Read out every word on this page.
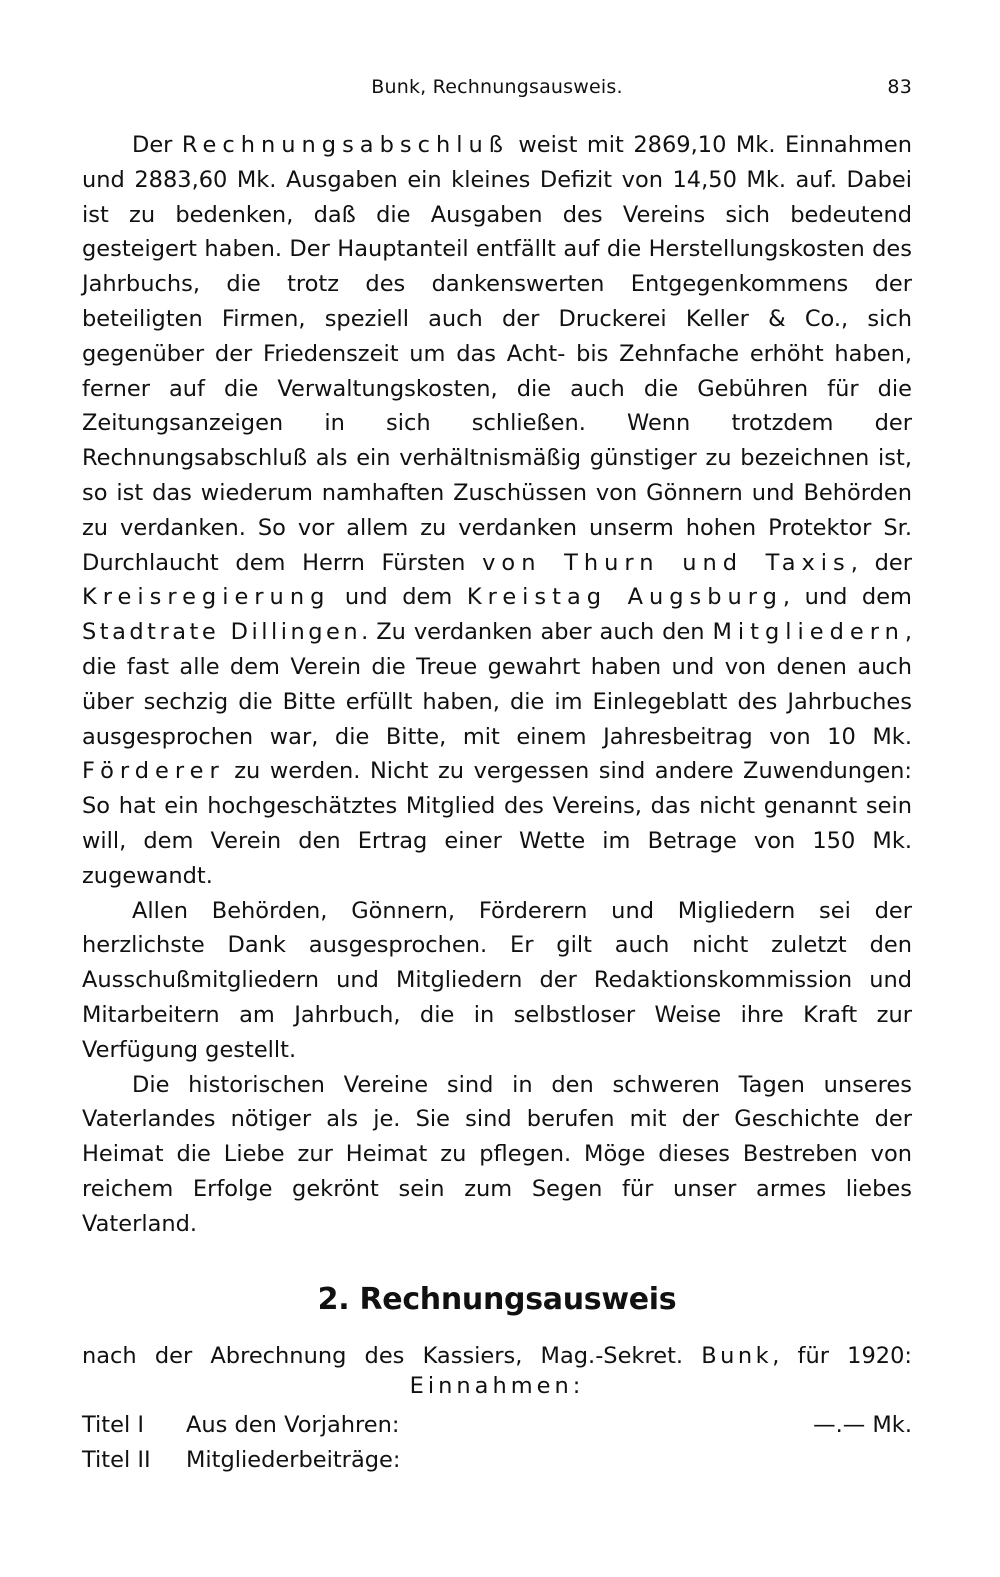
Bunk, Rechnungsausweis.	83

Der Rechnungsabschluß weist mit 2869,10 Mk. Einnahmen und 2883,60 Mk. Ausgaben ein kleines Defizit von 14,50 Mk. auf. Dabei ist zu bedenken, daß die Ausgaben des Vereins sich bedeutend gesteigert haben. Der Hauptanteil entfällt auf die Herstellungskosten des Jahrbuchs, die trotz des dankenswerten Entgegenkommens der beteiligten Firmen, speziell auch der Druckerei Keller & Co., sich gegenüber der Friedenszeit um das Acht- bis Zehnfache erhöht haben, ferner auf die Verwaltungskosten, die auch die Gebühren für die Zeitungsanzeigen in sich schließen. Wenn trotzdem der Rechnungsabschluß als ein verhältnismäßig günstiger zu bezeichnen ist, so ist das wiederum namhaften Zuschüssen von Gönnern und Behörden zu verdanken. So vor allem zu verdanken unserm hohen Protektor Sr. Durchlaucht dem Herrn Fürsten von Thurn und Taxis, der Kreisregierung und dem Kreistag Augsburg, und dem Stadtrate Dillingen. Zu verdanken aber auch den Mitgliedern, die fast alle dem Verein die Treue gewahrt haben und von denen auch über sechzig die Bitte erfüllt haben, die im Einlegeblatt des Jahrbuches ausgesprochen war, die Bitte, mit einem Jahresbeitrag von 10 Mk. Förderer zu werden. Nicht zu vergessen sind andere Zuwendungen: So hat ein hochgeschätztes Mitglied des Vereins, das nicht genannt sein will, dem Verein den Ertrag einer Wette im Betrage von 150 Mk. zugewandt.

Allen Behörden, Gönnern, Förderern und Migliedern sei der herzlichste Dank ausgesprochen. Er gilt auch nicht zuletzt den Ausschußmitgliedern und Mitgliedern der Redaktionskommission und Mitarbeitern am Jahrbuch, die in selbstloser Weise ihre Kraft zur Verfügung gestellt.

Die historischen Vereine sind in den schweren Tagen unseres Vaterlandes nötiger als je. Sie sind berufen mit der Geschichte der Heimat die Liebe zur Heimat zu pflegen. Möge dieses Bestreben von reichem Erfolge gekrönt sein zum Segen für unser armes liebes Vaterland.

2. Rechnungsausweis
nach der Abrechnung des Kassiers, Mag.-Sekret. Bunk, für 1920:
Einnahmen:
Titel I Aus den Vorjahren:	—.— Mk.
Titel II Mitgliederbeiträge:
